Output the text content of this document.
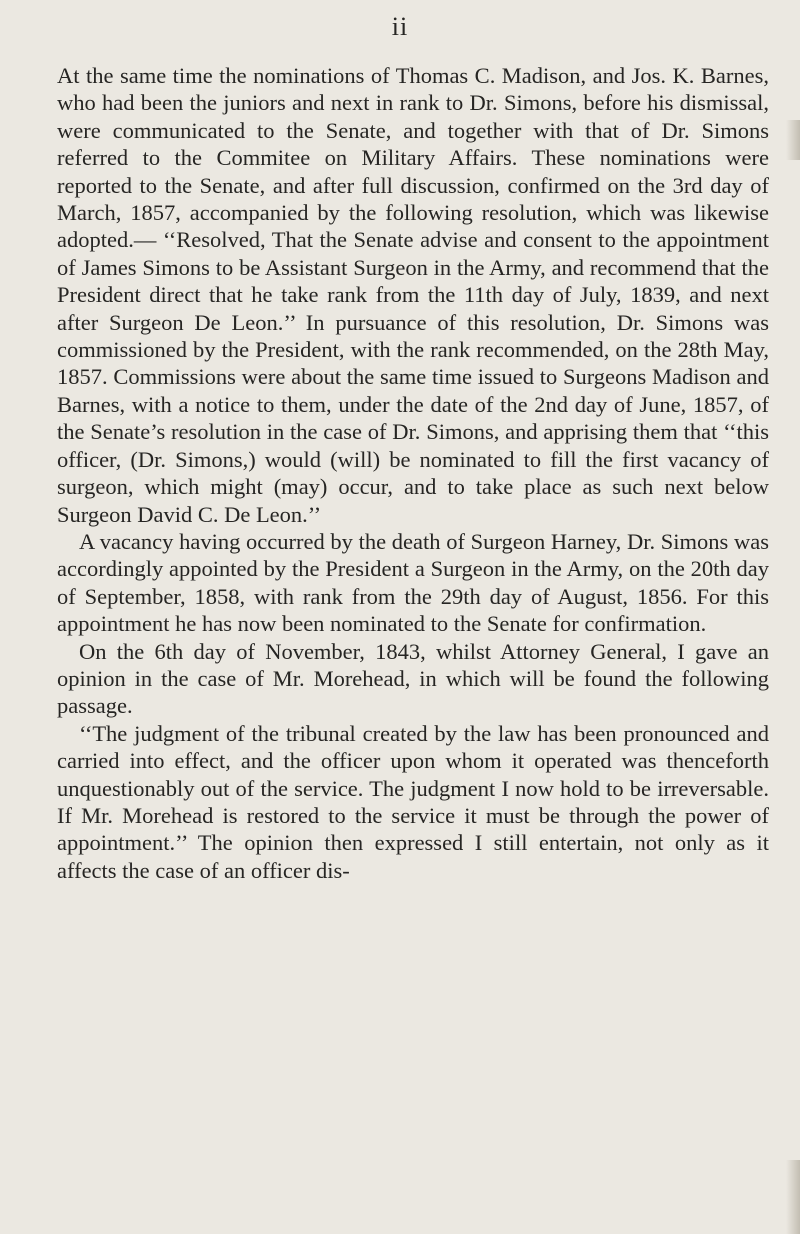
ii

At the same time the nominations of Thomas C. Madison, and Jos. K. Barnes, who had been the juniors and next in rank to Dr. Simons, before his dismissal, were communicated to the Senate, and together with that of Dr. Simons referred to the Commitee on Military Affairs. These nominations were reported to the Senate, and after full discussion, confirmed on the 3rd day of March, 1857, accompanied by the following resolution, which was likewise adopted.— ‘‘Resolved, That the Senate advise and consent to the appointment of James Simons to be Assistant Surgeon in the Army, and recommend that the President direct that he take rank from the 11th day of July, 1839, and next after Surgeon De Leon.’’ In pursuance of this resolution, Dr. Simons was commissioned by the President, with the rank recommended, on the 28th May, 1857. Commissions were about the same time issued to Surgeons Madison and Barnes, with a notice to them, under the date of the 2nd day of June, 1857, of the Senate’s resolution in the case of Dr. Simons, and apprising them that ‘‘this officer, (Dr. Simons,) would (will) be nominated to fill the first vacancy of surgeon, which might (may) occur, and to take place as such next below Surgeon David C. De Leon.’’

A vacancy having occurred by the death of Surgeon Harney, Dr. Simons was accordingly appointed by the President a Surgeon in the Army, on the 20th day of September, 1858, with rank from the 29th day of August, 1856. For this appointment he has now been nominated to the Senate for confirmation.

On the 6th day of November, 1843, whilst Attorney General, I gave an opinion in the case of Mr. Morehead, in which will be found the following passage.

‘‘The judgment of the tribunal created by the law has been pronounced and carried into effect, and the officer upon whom it operated was thenceforth unquestionably out of the service. The judgment I now hold to be irreversable. If Mr. Morehead is restored to the service it must be through the power of appointment.’’ The opinion then expressed I still entertain, not only as it affects the case of an officer dis-
